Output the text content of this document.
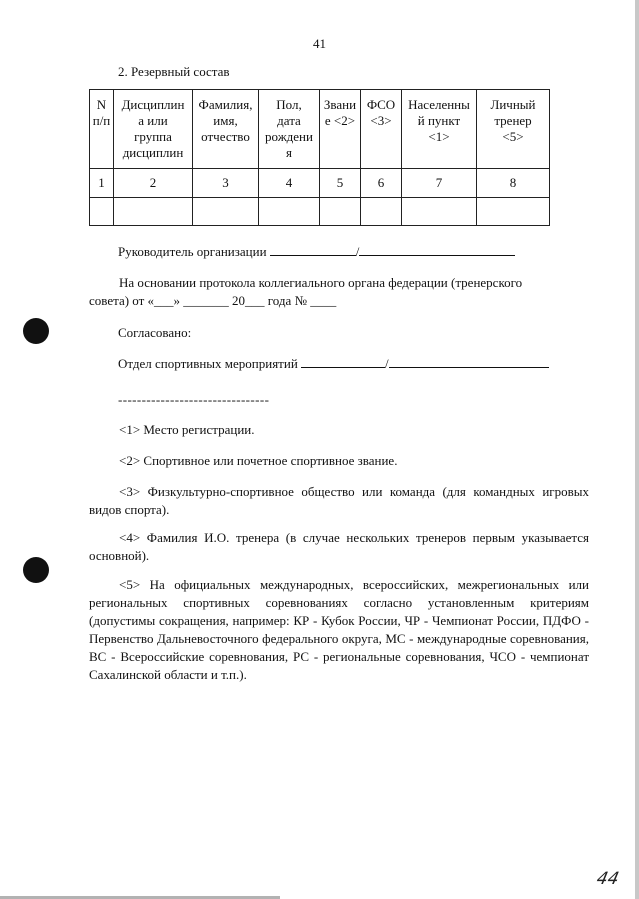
41
2. Резервный состав
N
п/п	Дисциплин
а или
группа
дисциплин	Фамилия,
имя,
отчество	Пол,
дата
рождени
я	Звани
е <2>	ФСО
<3>	Населенны
й пункт
<1>	Личный
тренер
<5>
1	2	3	4	5	6	7	8

Руководитель организации	/
На основании протокола коллегиального органа федерации (тренерского
совета) от «___» _______ 20___ года № ____
Согласовано:
Отдел спортивных мероприятий	/
--------------------------------
<1> Место регистрации.
<2> Спортивное или почетное спортивное звание.
<3> Физкультурно-спортивное общество или команда (для командных игровых видов спорта).
<4> Фамилия И.О. тренера (в случае нескольких тренеров первым указывается основной).
<5> На официальных международных, всероссийских, межрегиональных или региональных спортивных соревнованиях согласно установленным критериям (допустимы сокращения, например: КР - Кубок России, ЧР - Чемпионат России, ПДФО - Первенство Дальневосточного федерального округа, МС - международные соревнования, ВС - Всероссийские соревнования, РС - региональные соревнования, ЧСО - чемпионат Сахалинской области и т.п.).
44
